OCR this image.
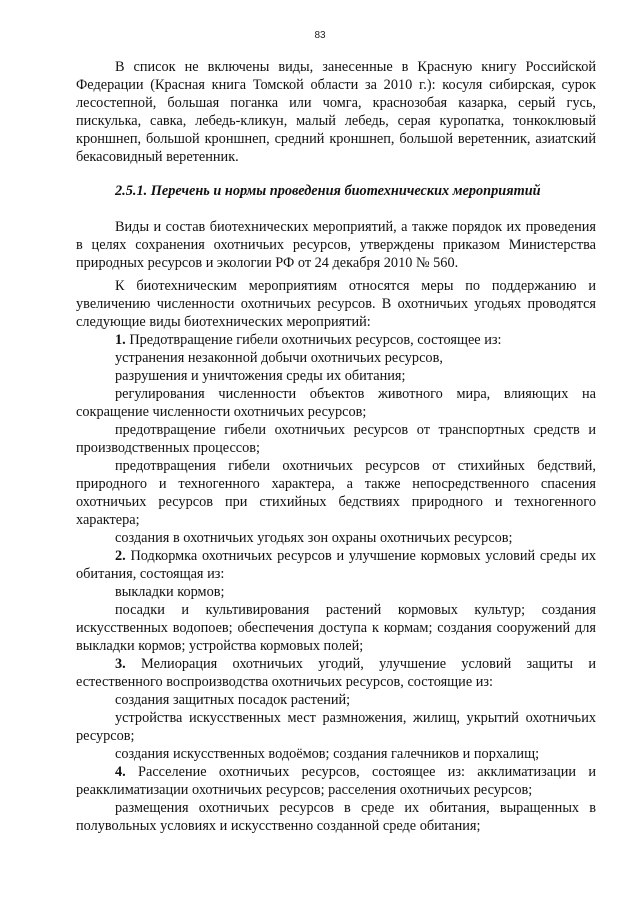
83

В список не включены виды, занесенные в Красную книгу Российской Федерации (Красная книга Томской области за 2010 г.): косуля сибирская, сурок лесостепной, большая поганка или чомга, краснозобая казарка, серый гусь, пискулька, савка, лебедь-кликун, малый лебедь, серая куропатка, тонкоклювый кроншнеп, большой кроншнеп, средний кроншнеп, большой веретенник, азиатский бекасовидный веретенник.

2.5.1. Перечень и нормы проведения биотехнических мероприятий

Виды и состав биотехнических мероприятий, а также порядок их проведения в целях сохранения охотничьих ресурсов, утверждены приказом Министерства природных ресурсов и экологии РФ от 24 декабря 2010 № 560.

К биотехническим мероприятиям относятся меры по поддержанию и увеличению численности охотничьих ресурсов. В охотничьих угодьях проводятся следующие виды биотехнических мероприятий:

1. Предотвращение гибели охотничьих ресурсов, состоящее из:

устранения незаконной добычи охотничьих ресурсов,

разрушения и уничтожения среды их обитания;

регулирования численности объектов животного мира, влияющих на сокращение численности охотничьих ресурсов;

предотвращение гибели охотничьих ресурсов от транспортных средств и производственных процессов;

предотвращения гибели охотничьих ресурсов от стихийных бедствий, природного и техногенного характера, а также непосредственного спасения охотничьих ресурсов при стихийных бедствиях природного и техногенного характера;

создания в охотничьих угодьях зон охраны охотничьих ресурсов;

2. Подкормка охотничьих ресурсов и улучшение кормовых условий среды их обитания, состоящая из:

выкладки кормов;

посадки и культивирования растений кормовых культур; создания искусственных водопоев; обеспечения доступа к кормам; создания сооружений для выкладки кормов; устройства кормовых полей;

3. Мелиорация охотничьих угодий, улучшение условий защиты и естественного воспроизводства охотничьих ресурсов, состоящие из:

создания защитных посадок растений;

устройства искусственных мест размножения, жилищ, укрытий охотничьих ресурсов;

создания искусственных водоёмов; создания галечников и порхалищ;

4. Расселение охотничьих ресурсов, состоящее из: акклиматизации и реакклиматизации охотничьих ресурсов; расселения охотничьих ресурсов;

размещения охотничьих ресурсов в среде их обитания, выращенных в полувольных условиях и искусственно созданной среде обитания;
